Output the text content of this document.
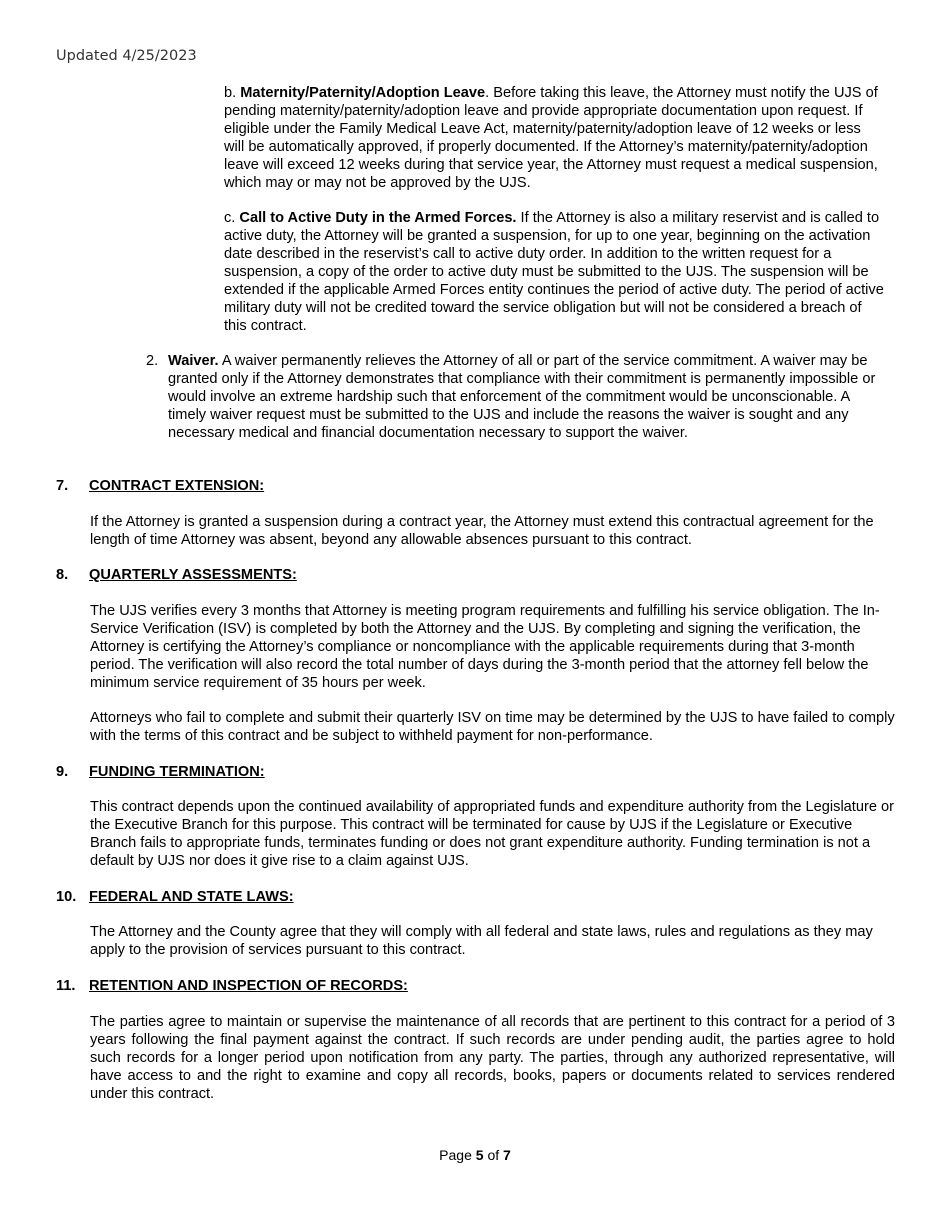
Updated 4/25/2023

b. Maternity/Paternity/Adoption Leave. Before taking this leave, the Attorney must notify the UJS of pending maternity/paternity/adoption leave and provide appropriate documentation upon request. If eligible under the Family Medical Leave Act, maternity/paternity/adoption leave of 12 weeks or less will be automatically approved, if properly documented. If the Attorney’s maternity/paternity/adoption leave will exceed 12 weeks during that service year, the Attorney must request a medical suspension, which may or may not be approved by the UJS.

c. Call to Active Duty in the Armed Forces. If the Attorney is also a military reservist and is called to active duty, the Attorney will be granted a suspension, for up to one year, beginning on the activation date described in the reservist’s call to active duty order. In addition to the written request for a suspension, a copy of the order to active duty must be submitted to the UJS. The suspension will be extended if the applicable Armed Forces entity continues the period of active duty. The period of active military duty will not be credited toward the service obligation but will not be considered a breach of this contract.

2. Waiver. A waiver permanently relieves the Attorney of all or part of the service commitment. A waiver may be granted only if the Attorney demonstrates that compliance with their commitment is permanently impossible or would involve an extreme hardship such that enforcement of the commitment would be unconscionable. A timely waiver request must be submitted to the UJS and include the reasons the waiver is sought and any necessary medical and financial documentation necessary to support the waiver.
7. CONTRACT EXTENSION:

If the Attorney is granted a suspension during a contract year, the Attorney must extend this contractual agreement for the length of time Attorney was absent, beyond any allowable absences pursuant to this contract.

8. QUARTERLY ASSESSMENTS:

The UJS verifies every 3 months that Attorney is meeting program requirements and fulfilling his service obligation. The In-Service Verification (ISV) is completed by both the Attorney and the UJS. By completing and signing the verification, the Attorney is certifying the Attorney’s compliance or noncompliance with the applicable requirements during that 3-month period. The verification will also record the total number of days during the 3-month period that the attorney fell below the minimum service requirement of 35 hours per week.

Attorneys who fail to complete and submit their quarterly ISV on time may be determined by the UJS to have failed to comply with the terms of this contract and be subject to withheld payment for non-performance.

9. FUNDING TERMINATION:

This contract depends upon the continued availability of appropriated funds and expenditure authority from the Legislature or the Executive Branch for this purpose. This contract will be terminated for cause by UJS if the Legislature or Executive Branch fails to appropriate funds, terminates funding or does not grant expenditure authority. Funding termination is not a default by UJS nor does it give rise to a claim against UJS.

10. FEDERAL AND STATE LAWS:

The Attorney and the County agree that they will comply with all federal and state laws, rules and regulations as they may apply to the provision of services pursuant to this contract.

11. RETENTION AND INSPECTION OF RECORDS:

The parties agree to maintain or supervise the maintenance of all records that are pertinent to this contract for a period of 3 years following the final payment against the contract. If such records are under pending audit, the parties agree to hold such records for a longer period upon notification from any party. The parties, through any authorized representative, will have access to and the right to examine and copy all records, books, papers or documents related to services rendered under this contract.

Page 5 of 7
